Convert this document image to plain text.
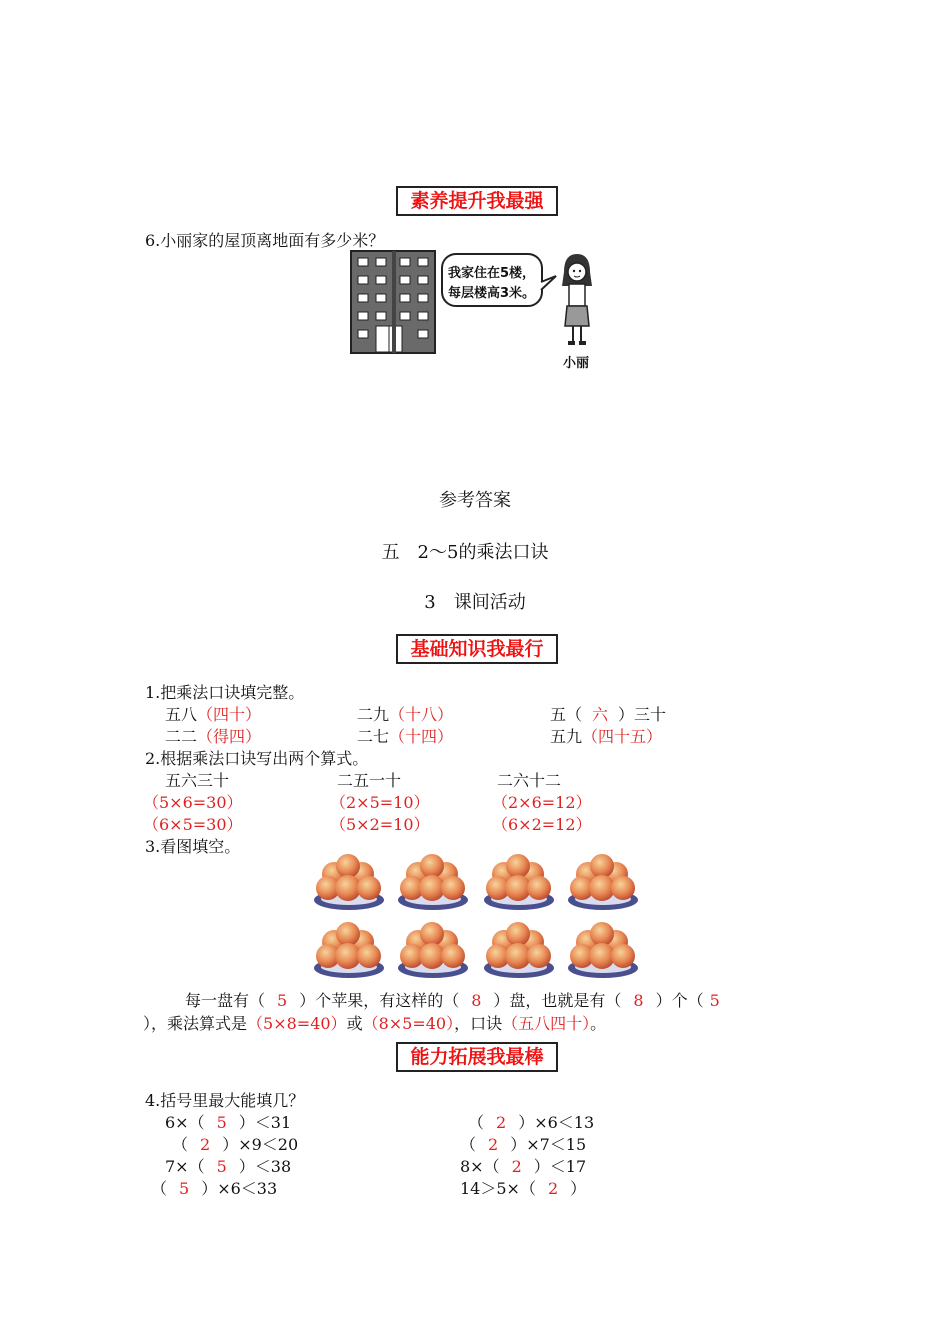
素养提升我最强
6.小丽家的屋顶离地面有多少米？
我家住在5楼，
每层楼高3米。
小丽
参考答案
五　2～5的乘法口诀
3　课间活动
基础知识我最行
1.把乘法口诀填完整。
五八（四十）	二九（十八）	五（ 六 ）三十
二二（得四）	二七（十四）	五九（四十五）
2.根据乘法口诀写出两个算式。
五六三十	二五一十	二六十二
（5×6=30）	（2×5=10）	（2×6=12）
（6×5=30）	（5×2=10）	（6×2=12）
3.看图填空。
每一盘有（ 5 ）个苹果，有这样的（ 8 ）盘，也就是有（ 8 ）个（ 5
），乘法算式是（5×8=40）或（8×5=40），口诀（五八四十）。
能力拓展我最棒
4.括号里最大能填几？
6×（ 5 ）＜31
（ 2 ）×9＜20
7×（ 5 ）＜38
（ 5 ）×6＜33
（ 2 ）×6＜13
（ 2 ）×7＜15
8×（ 2 ）＜17
14＞5×（ 2 ）
